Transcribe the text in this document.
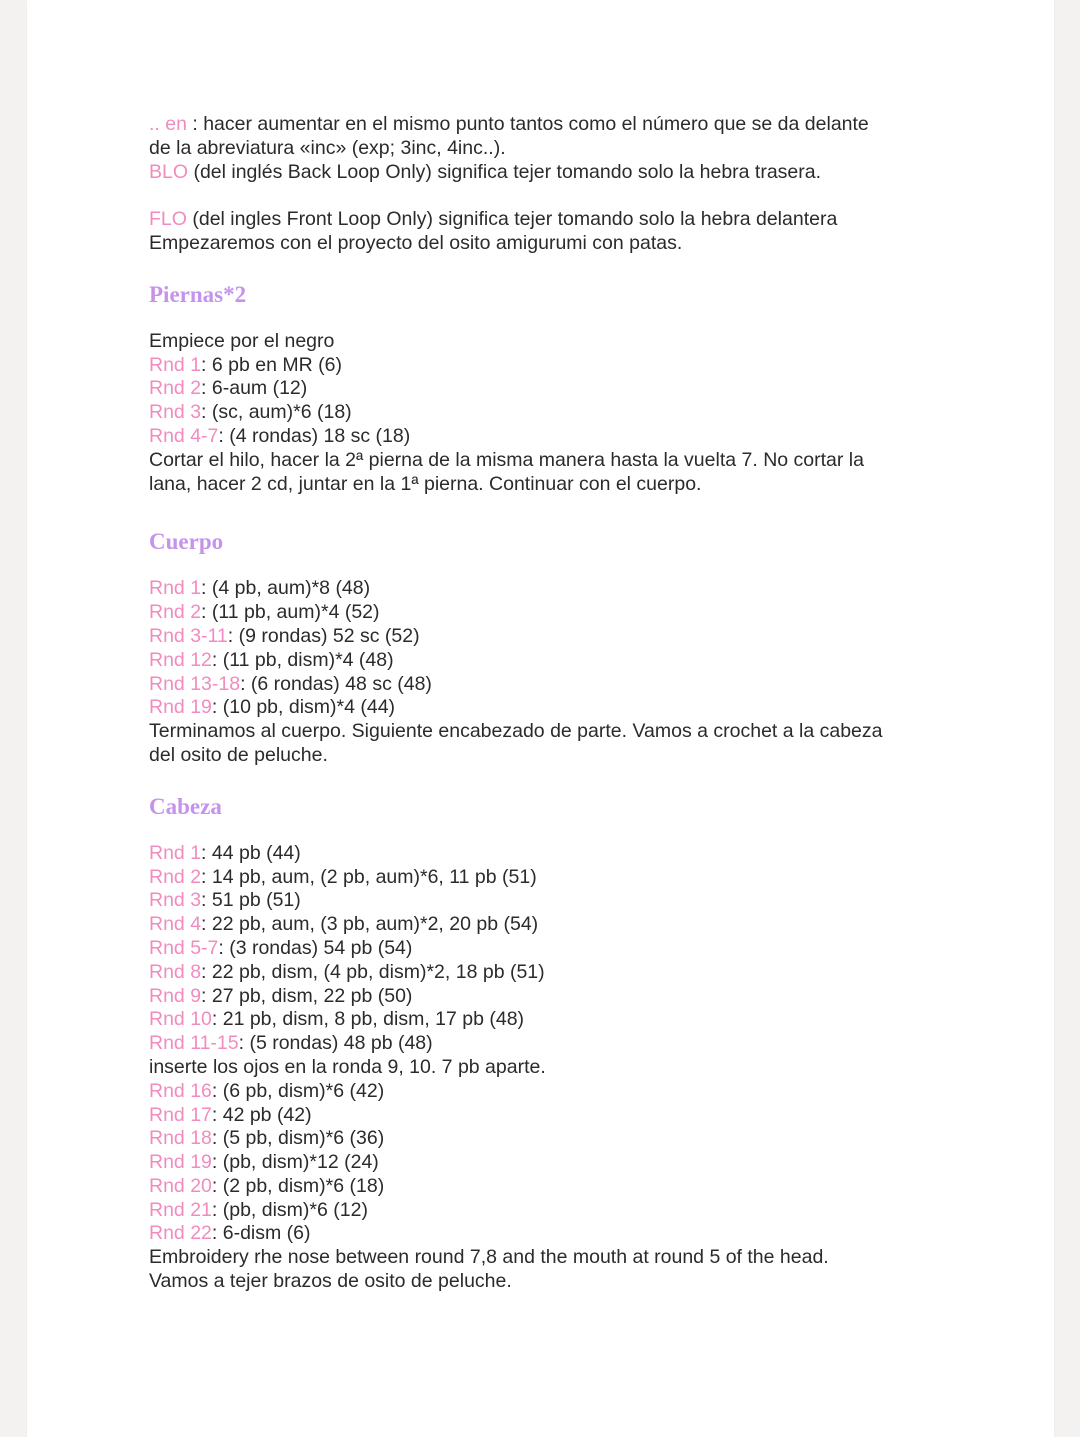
.. en : hacer aumentar en el mismo punto tantos como el número que se da delante
de la abreviatura «inc» (exp; 3inc, 4inc..).
BLO (del inglés Back Loop Only) significa tejer tomando solo la hebra trasera.
FLO (del ingles Front Loop Only) significa tejer tomando solo la hebra delantera
Empezaremos con el proyecto del osito amigurumi con patas.
Piernas*2
Empiece por el negro
Rnd 1: 6 pb en MR (6)
Rnd 2: 6-aum (12)
Rnd 3: (sc, aum)*6 (18)
Rnd 4-7: (4 rondas) 18 sc (18)
Cortar el hilo, hacer la 2ª pierna de la misma manera hasta la vuelta 7. No cortar la
lana, hacer 2 cd, juntar en la 1ª pierna. Continuar con el cuerpo.
Cuerpo
Rnd 1: (4 pb, aum)*8 (48)
Rnd 2: (11 pb, aum)*4 (52)
Rnd 3-11: (9 rondas) 52 sc (52)
Rnd 12: (11 pb, dism)*4 (48)
Rnd 13-18: (6 rondas) 48 sc (48)
Rnd 19: (10 pb, dism)*4 (44)
Terminamos al cuerpo. Siguiente encabezado de parte. Vamos a crochet a la cabeza
del osito de peluche.
Cabeza
Rnd 1: 44 pb (44)
Rnd 2: 14 pb, aum, (2 pb, aum)*6, 11 pb (51)
Rnd 3: 51 pb (51)
Rnd 4: 22 pb, aum, (3 pb, aum)*2, 20 pb (54)
Rnd 5-7: (3 rondas) 54 pb (54)
Rnd 8: 22 pb, dism, (4 pb, dism)*2, 18 pb (51)
Rnd 9: 27 pb, dism, 22 pb (50)
Rnd 10: 21 pb, dism, 8 pb, dism, 17 pb (48)
Rnd 11-15: (5 rondas) 48 pb (48)
inserte los ojos en la ronda 9, 10. 7 pb aparte.
Rnd 16: (6 pb, dism)*6 (42)
Rnd 17: 42 pb (42)
Rnd 18: (5 pb, dism)*6 (36)
Rnd 19: (pb, dism)*12 (24)
Rnd 20: (2 pb, dism)*6 (18)
Rnd 21: (pb, dism)*6 (12)
Rnd 22: 6-dism (6)
Embroidery rhe nose between round 7,8 and the mouth at round 5 of the head.
Vamos a tejer brazos de osito de peluche.
